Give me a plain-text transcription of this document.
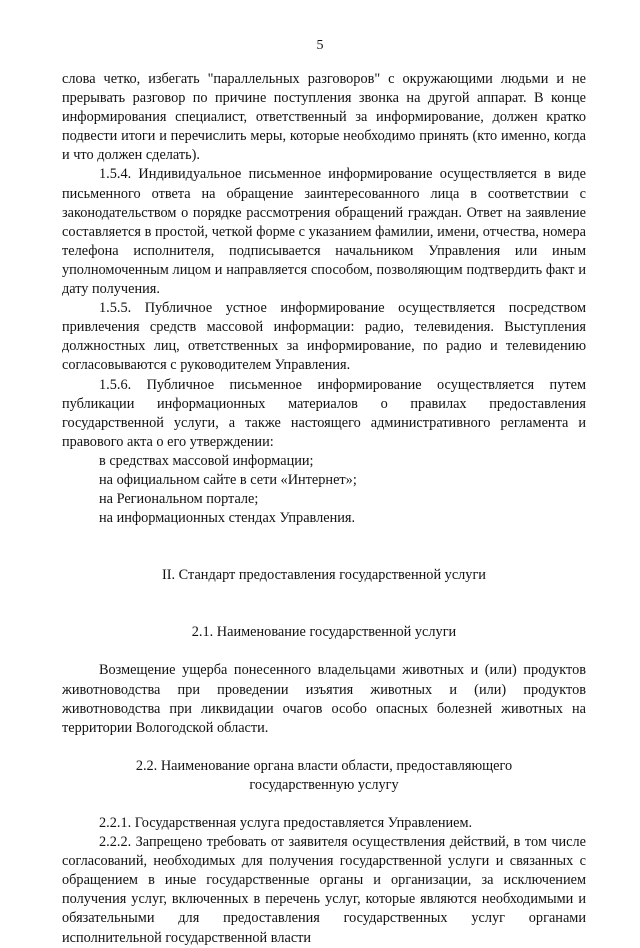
5

слова четко, избегать "параллельных разговоров" с окружающими людьми и не прерывать разговор по причине поступления звонка на другой аппарат. В конце информирования специалист, ответственный за информирование, должен кратко подвести итоги и перечислить меры, которые необходимо принять (кто именно, когда и что должен сделать).

1.5.4. Индивидуальное письменное информирование осуществляется в виде письменного ответа на обращение заинтересованного лица в соответствии с законодательством о порядке рассмотрения обращений граждан. Ответ на заявление составляется в простой, четкой форме с указанием фамилии, имени, отчества, номера телефона исполнителя, подписывается начальником Управления или иным уполномоченным лицом и направляется способом, позволяющим подтвердить факт и дату получения.

1.5.5. Публичное устное информирование осуществляется посредством привлечения средств массовой информации: радио, телевидения. Выступления должностных лиц, ответственных за информирование, по радио и телевидению согласовываются с руководителем Управления.

1.5.6. Публичное письменное информирование осуществляется путем публикации информационных материалов о правилах предоставления государственной услуги, а также настоящего административного регламента и правового акта о его утверждении:

в средствах массовой информации;

на официальном сайте в сети «Интернет»;

на Региональном портале;

на информационных стендах Управления.

II. Стандарт предоставления государственной услуги

2.1. Наименование государственной услуги

Возмещение ущерба понесенного владельцами животных и (или) продуктов животноводства при проведении изъятия животных и (или) продуктов животноводства при ликвидации очагов особо опасных болезней животных на территории Вологодской области.

2.2. Наименование органа власти области, предоставляющего государственную услугу

2.2.1. Государственная услуга предоставляется Управлением.

2.2.2. Запрещено требовать от заявителя осуществления действий, в том числе согласований, необходимых для получения государственной услуги и связанных с обращением в иные государственные органы и организации, за исключением получения услуг, включенных в перечень услуг, которые являются необходимыми и обязательными для предоставления государственных услуг органами исполнительной государственной власти
